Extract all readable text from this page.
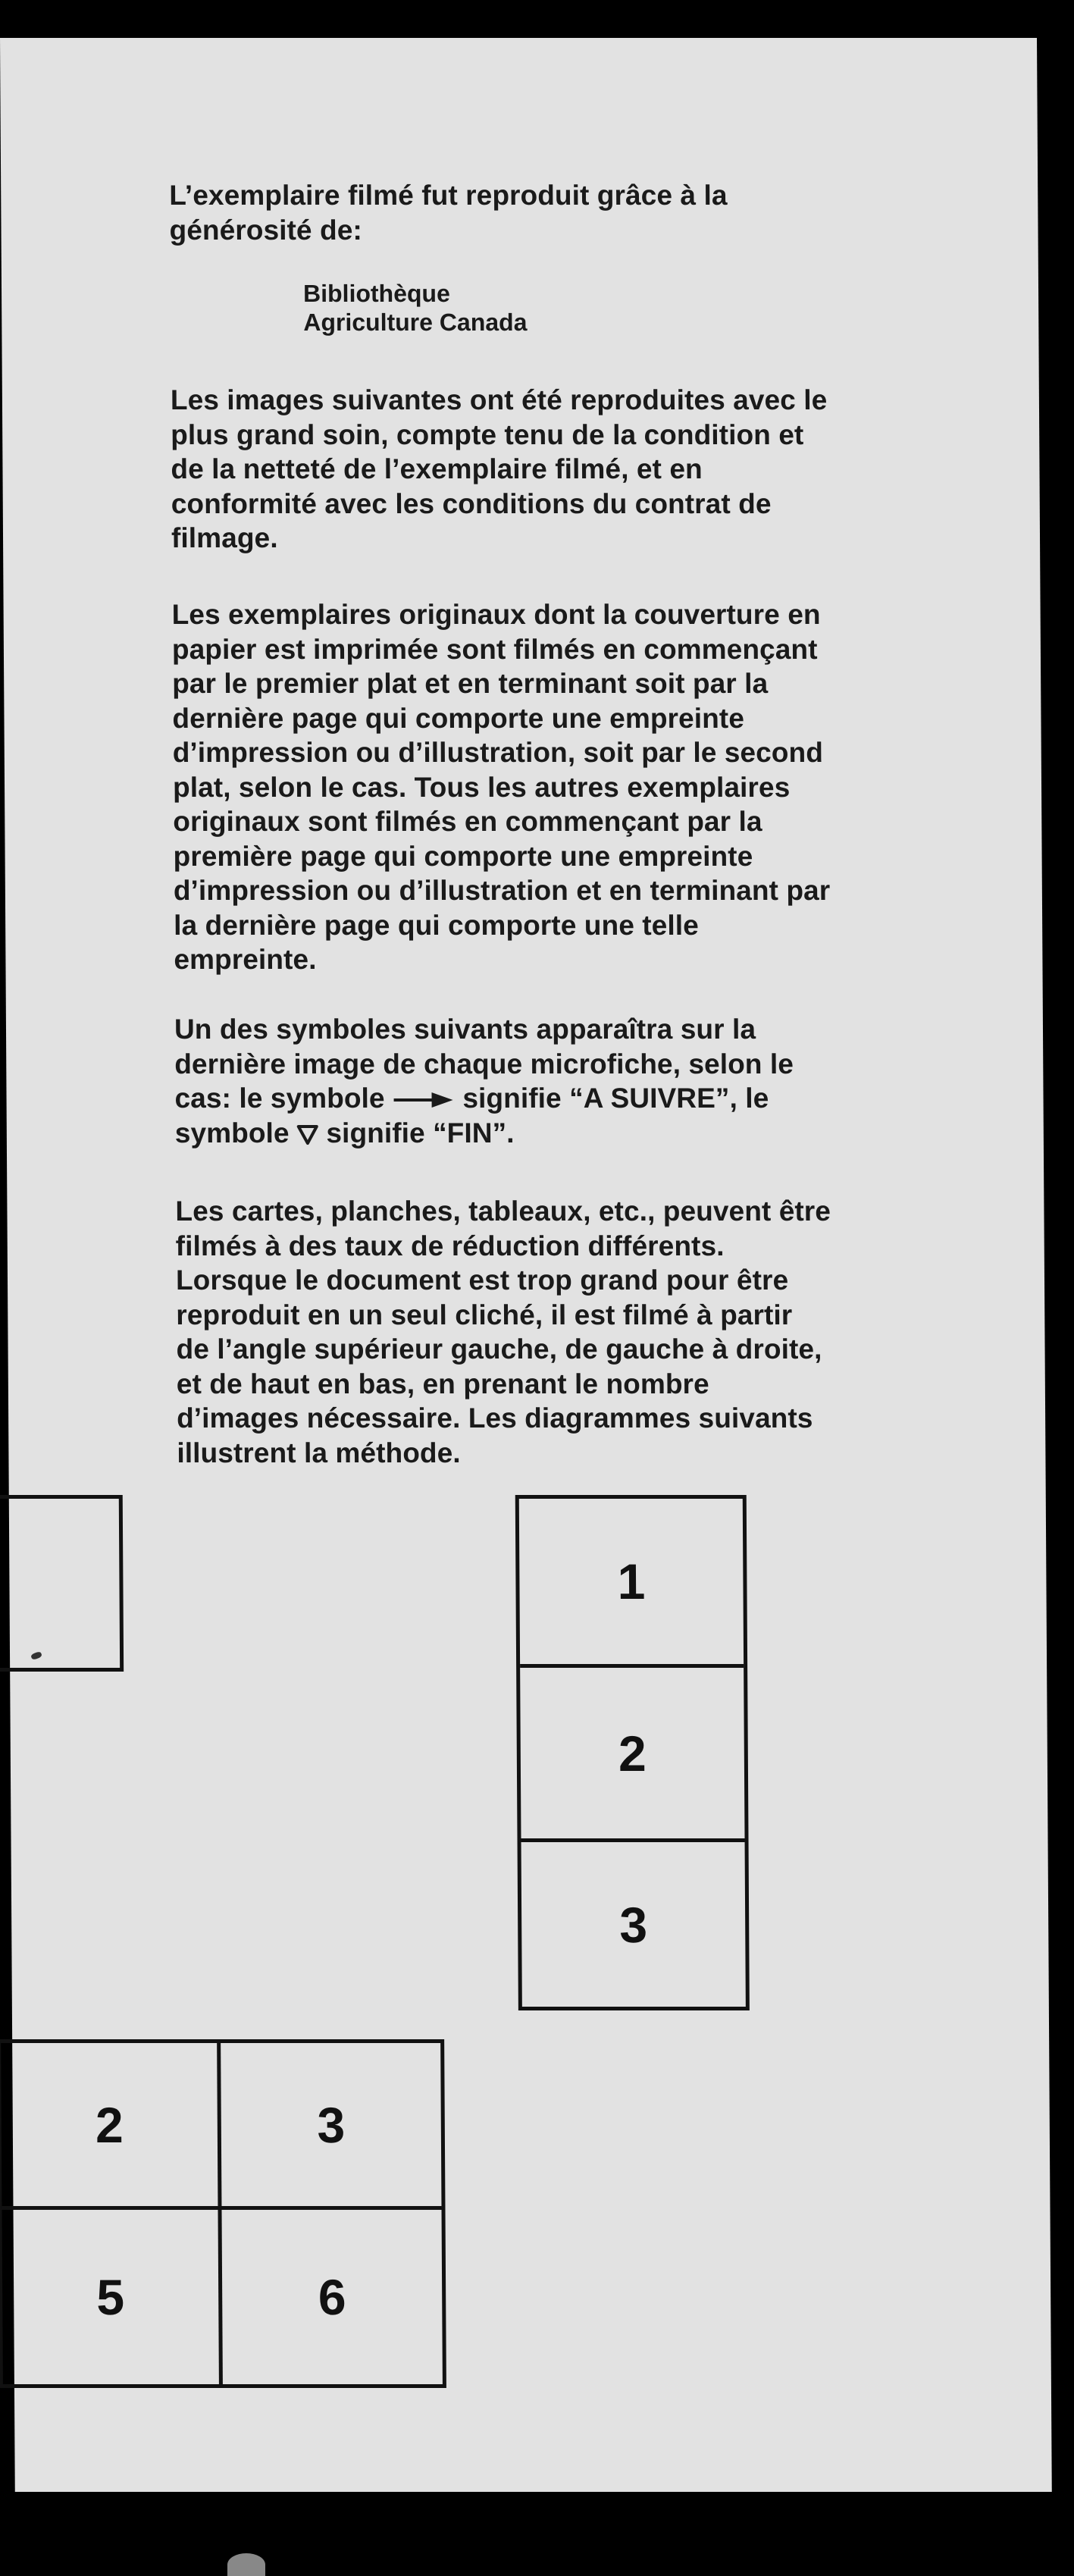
L’exemplaire filmé fut reproduit grâce à la
générosité de:
Bibliothèque
Agriculture Canada
Les images suivantes ont été reproduites avec le
plus grand soin, compte tenu de la condition et
de la netteté de l’exemplaire filmé, et en
conformité avec les conditions du contrat de
filmage.
Les exemplaires originaux dont la couverture en
papier est imprimée sont filmés en commençant
par le premier plat et en terminant soit par la
dernière page qui comporte une empreinte
d’impression ou d’illustration, soit par le second
plat, selon le cas. Tous les autres exemplaires
originaux sont filmés en commençant par la
première page qui comporte une empreinte
d’impression ou d’illustration et en terminant par
la dernière page qui comporte une telle
empreinte.
Un des symboles suivants apparaîtra sur la
dernière image de chaque microfiche, selon le
cas: le symbole	signifie “A SUIVRE”, le
symbole signifie “FIN”.
Les cartes, planches, tableaux, etc., peuvent être
filmés à des taux de réduction différents.
Lorsque le document est trop grand pour être
reproduit en un seul cliché, il est filmé à partir
de l’angle supérieur gauche, de gauche à droite,
et de haut en bas, en prenant le nombre
d’images nécessaire. Les diagrammes suivants
illustrent la méthode.
1
2
3
2	3
5	6
